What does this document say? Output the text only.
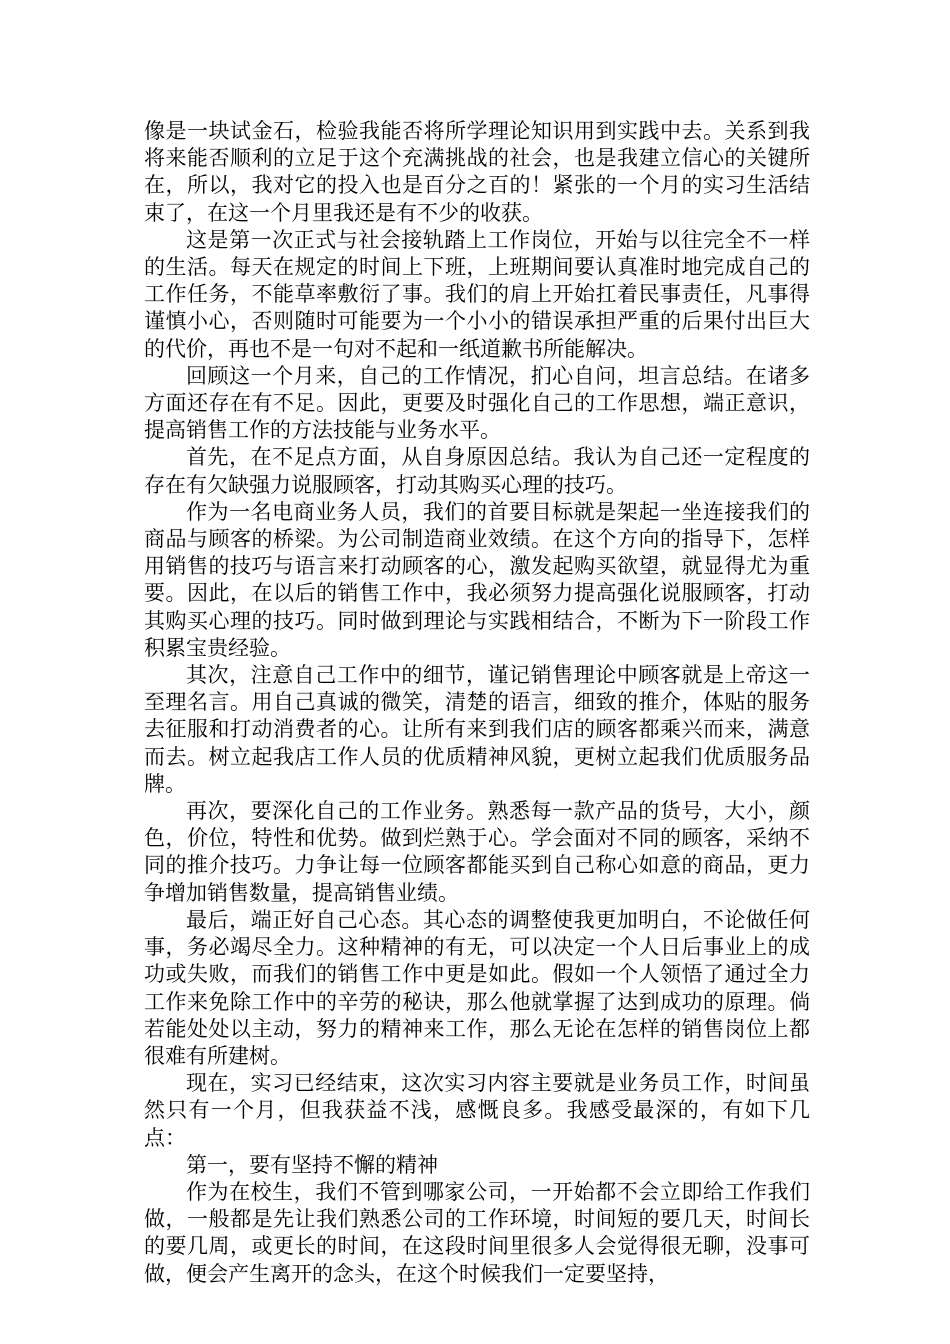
像是一块试金石，检验我能否将所学理论知识用到实践中去。关系到我将来能否顺利的立足于这个充满挑战的社会，也是我建立信心的关键所在，所以，我对它的投入也是百分之百的！紧张的一个月的实习生活结束了，在这一个月里我还是有不少的收获。

这是第一次正式与社会接轨踏上工作岗位，开始与以往完全不一样的生活。每天在规定的时间上下班，上班期间要认真准时地完成自己的工作任务，不能草率敷衍了事。我们的肩上开始扛着民事责任，凡事得谨慎小心，否则随时可能要为一个小小的错误承担严重的后果付出巨大的代价，再也不是一句对不起和一纸道歉书所能解决。

回顾这一个月来，自己的工作情况，扪心自问，坦言总结。在诸多方面还存在有不足。因此，更要及时强化自己的工作思想，端正意识，提高销售工作的方法技能与业务水平。

首先，在不足点方面，从自身原因总结。我认为自己还一定程度的存在有欠缺强力说服顾客，打动其购买心理的技巧。

作为一名电商业务人员，我们的首要目标就是架起一坐连接我们的商品与顾客的桥梁。为公司制造商业效绩。在这个方向的指导下，怎样用销售的技巧与语言来打动顾客的心，激发起购买欲望，就显得尤为重要。因此，在以后的销售工作中，我必须努力提高强化说服顾客，打动其购买心理的技巧。同时做到理论与实践相结合，不断为下一阶段工作积累宝贵经验。

其次，注意自己工作中的细节，谨记销售理论中顾客就是上帝这一至理名言。用自己真诚的微笑，清楚的语言，细致的推介，体贴的服务去征服和打动消费者的心。让所有来到我们店的顾客都乘兴而来，满意而去。树立起我店工作人员的优质精神风貌，更树立起我们优质服务品牌。

再次，要深化自己的工作业务。熟悉每一款产品的货号，大小，颜色，价位，特性和优势。做到烂熟于心。学会面对不同的顾客，采纳不同的推介技巧。力争让每一位顾客都能买到自己称心如意的商品，更力争增加销售数量，提高销售业绩。

最后，端正好自己心态。其心态的调整使我更加明白，不论做任何事，务必竭尽全力。这种精神的有无，可以决定一个人日后事业上的成功或失败，而我们的销售工作中更是如此。假如一个人领悟了通过全力工作来免除工作中的辛劳的秘诀，那么他就掌握了达到成功的原理。倘若能处处以主动，努力的精神来工作，那么无论在怎样的销售岗位上都很难有所建树。

现在，实习已经结束，这次实习内容主要就是业务员工作，时间虽然只有一个月，但我获益不浅，感慨良多。我感受最深的，有如下几点：

第一，要有坚持不懈的精神

作为在校生，我们不管到哪家公司，一开始都不会立即给工作我们做，一般都是先让我们熟悉公司的工作环境，时间短的要几天，时间长的要几周，或更长的时间，在这段时间里很多人会觉得很无聊，没事可做，便会产生离开的念头，在这个时候我们一定要坚持，
